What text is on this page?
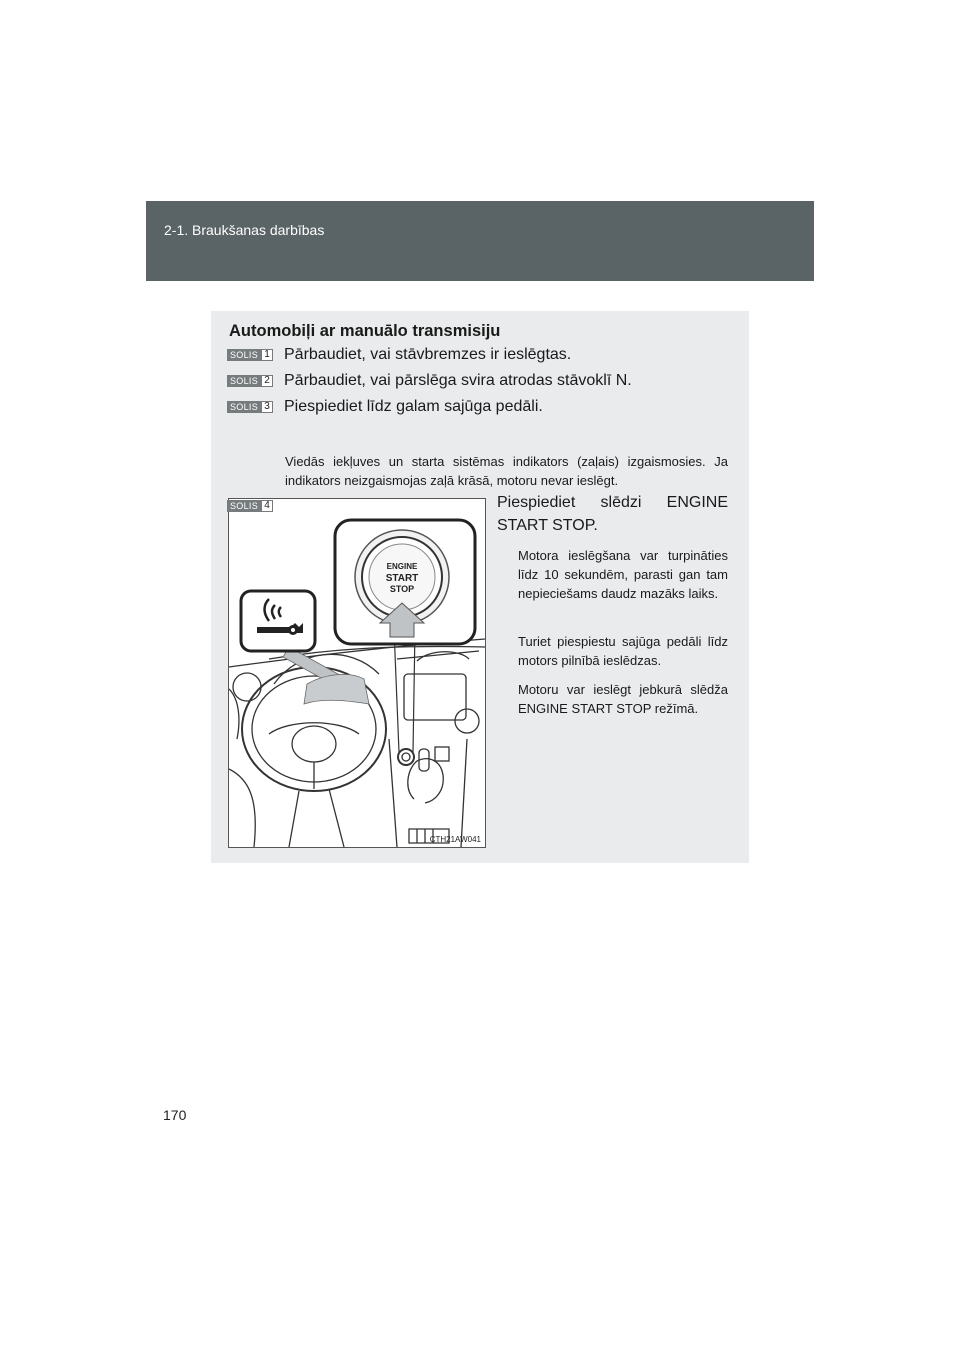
2-1. Braukšanas darbības
Automobiļi ar manuālo transmisiju
SOLIS 1 Pārbaudiet, vai stāvbremzes ir ieslēgtas.
SOLIS 2 Pārbaudiet, vai pārslēga svira atrodas stāvoklī N.
SOLIS 3 Piespiediet līdz galam sajūga pedāli.
Viedās iekļuves un starta sistēmas indikators (zaļais) izgaismosies. Ja indikators neizgaismojas zaļā krāsā, motoru nevar ieslēgt.
ENGINE
START
STOP
CTH21AW041
SOLIS 4	Piespiediet slēdzi ENGINE START STOP.
Motora ieslēgšana var turpināties līdz 10 sekundēm, parasti gan tam nepieciešams daudz mazāks laiks.
Turiet piespiestu sajūga pedāli līdz motors pilnībā ieslēdzas.
Motoru var ieslēgt jebkurā slēdža ENGINE START STOP režīmā.
170
